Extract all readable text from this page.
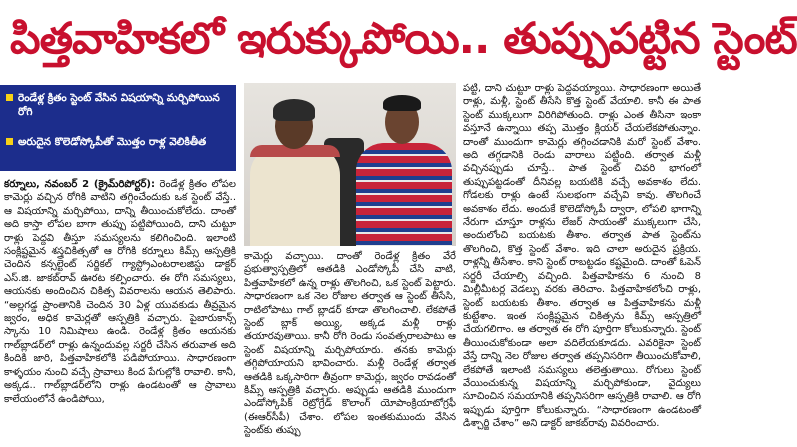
పిత్తవాహికలో ఇరుక్కుపోయి.. తుప్పుపట్టిన స్టెంట్
రెండేళ్ల క్రితం స్టెంట్ వేసిన విషయాన్ని మర్చిపోయిన రోగి
అరుదైన కొలెడోస్కోపీతో మొత్తం రాళ్ల వెలికితీత

కర్నూలు, నవంబర్ 2 (క్రైమ్‌రిపోర్టర్): రెండేళ్ల క్రితం లోపల కామెర్లు వచ్చిన రోగికి వాటిని తగ్గించేందుకు ఒక స్టెంట్ వేస్తే.. ఆ విషయాన్ని మర్చిపోయి, దాన్ని తీయించుకోలేదు. దాంతో అది కాస్తా లోపల బాగా తుప్పు పట్టిపోయింది, దాని చుట్టూ రాళ్లు పెద్దవి తీస్తూ సమస్యలను కలిగించింది. ఇలాంటి సంక్లిష్టమైన శస్త్రచికిత్సతో ఆ రోగికి కర్నూలు కిమ్స్ ఆస్పత్రికి చెందిన కన్సల్టెంట్ సర్జికల్ గ్యాస్ట్రోఎంటరాలజిస్టు డాక్టర్ ఎస్.జి. జాకబ్‌రావ్ ఊరట కల్పించారు. ఈ రోగి సమస్యలు, ఆయనకు అందించిన చికిత్స వివరాలను ఆయన తెలిపారు. “అల్లగడ్డ ప్రాంతానికి చెందిన 30 ఏళ్ల యువకుడు తీవ్రమైన జ్వరం, అధిక కామెర్లతో ఆస్పత్రికి వచ్చారు. పైబారుకాన్స్ స్కాను 10 నిమిషాలు ఉండి. రెండేళ్ల క్రితం ఆయనకు గాల్‌బ్లాడర్‌లో రాళ్లు ఉన్నందువల్ల సర్జరీ చేసిన తరువాత అది కిందికి జారి, పిత్తవాహికలోకి పడిపోయాయి. సాధారణంగా కాళ్ళయం నుంచి వచ్చే స్రావాలు కింద పేగుల్లోకి రావాలి. కానీ, అక్కడ.. గాల్‌బ్లాడర్‌లోని రాళ్లు ఉండటంతో ఆ స్రావాలు కాలేయంలోనే ఉండిపోయి,

కామెర్లు వచ్చాయి. దాంతో రెండేళ్ల క్రితం వేరే ప్రభుత్వాస్పత్రిలో ఆతడికి ఎండోస్కోపీ చేసి వాటి, పిత్తవాహికలో ఉన్న రాళ్లు తొలగించి, ఒక స్టెంట్ పెట్టారు. సాధారణంగా ఒక నెల రోజుల తర్వాత ఆ స్టెంట్ తీసేసి, రాటిలోపాటు గాల్ బ్లాడర్ కూడా తొలగించాలి. లేకపోతే స్టెంట్ బ్లాక్ అయ్యి, అక్కడ మళ్లీ రాళ్లు తయారవుతాయి. కానీ రోగి రెండు సంవత్సరాలపాటు ఆ స్టెంట్ విషయాన్ని మర్చిపోయారు. తనకు కామెర్లు తగ్గిపోయాయని భావించారు. మళ్లీ రెండేళ్ల తర్వాత ఆతడికి ఒక్కసారిగా తీవ్రంగా కామెర్లు, జ్వరం రావడంతో కిమ్స్ ఆస్పత్రికి వచ్చారు. అప్పుడు ఆతడికి ముందుగా ఎండోస్కోపిక్ రెట్రోగ్రేడ్ కొలాంగ్ యోపాంక్రియాటోగ్రఫీ (ఈఆర్‌సీపీ) చేశాం. లోపల ఇంతకుముందు వేసిన స్టెంట్‌కు తుప్పు

పట్టి, దాని చుట్టూ రాళ్లు పెద్దవయ్యాయి. సాధారణంగా అయితే రాళ్లు, మళ్లీ, స్టెంట్ తీసేసి కొత్త స్టెంట్ వేయాలి. కానీ ఈ పాత స్టెంట్ ముక్కలుగా విరిగిపోతుంది. రాళ్లు ఎంత తీసినా ఇంకా వస్తూనే ఉన్నాయి తప్ప మొత్తం క్లియర్ చేయలేకపోతున్నాం. దాంతో ముందుగా కామెర్లు తగ్గించడానికి మరో స్టెంట్ వేశాం. అది తగ్గడానికి రెండు వారాలు పట్టింది. తర్వాత మళ్లీ వచ్చినప్పుడు చూస్తే.. పాత స్టెంట్ చివరి భాగంలో తుప్పుపట్టడంతో దీనివల్ల బయటికి వచ్చే అవకాశం లేదు. గోడలకు రాళ్లు ఉంటే సులభంగా వచ్చేవి కావు. తొలగించే అవకాశం లేదు. అందుకే కొలెడోస్కోపీ ద్వారా, లోపలి భాగాన్ని నేరుగా చూస్తూ రాళ్లను లేజర్ సాయంతో ముక్కలుగా చేసి, అందులోంచి బయటకు తీశాం. తర్వాత పాత స్టెంట్‌ను తొలగించి, కొత్త స్టెంట్ వేశాం. ఇది చాలా అరుదైన ప్రక్రియ. రాళ్లన్నీ తీసేశాం. కాని స్టెంట్ రాబట్టడం కష్టమైంది. దాంతో ఓపెన్ సర్జరీ చేయాల్సి వచ్చింది. పిత్తవాహికను 6 నుంచి 8 మిల్లీమీటర్ల వెడల్పు వరకు తెరిచాం. పిత్తవాహికలోంచి రాళ్లు, స్టెంట్ బయటకు తీశాం. తర్వాత ఆ పిత్తవాహికను మళ్లీ కుట్టేశాం. ఇంత సంక్లిష్టమైన చికిత్సను కిమ్స్ ఆస్పత్రిలో చేయగలిగాం. ఆ తర్వాత ఈ రోగి పూర్తిగా కోలుకున్నారు. స్టెంట్ తీయించుకోకుండా అలా వదిలేయకూడదు. ఎవరికైనా స్టెంట్ వేస్తే దాన్ని నెల రోజుల తర్వాత తప్పనిసరిగా తీయించుకోవాలి, లేకపోతే ఇలాంటి సమస్యలు తలెత్తుతాయి. రోగులు స్టెంట్ వేయించుకున్న విషయాన్ని మర్చిపోకుండా, వైద్యులు సూచించిన సమయానికి తప్పనిసరిగా ఆస్పత్రికి రావాలి. ఆ రోగి ఇప్పుడు పూర్తిగా కోలుకున్నారు. “సాధారణంగా ఉండటంతో డిశ్చార్జి చేశాం” అని డాక్టర్ జాకబ్‌రావు వివరించారు.
